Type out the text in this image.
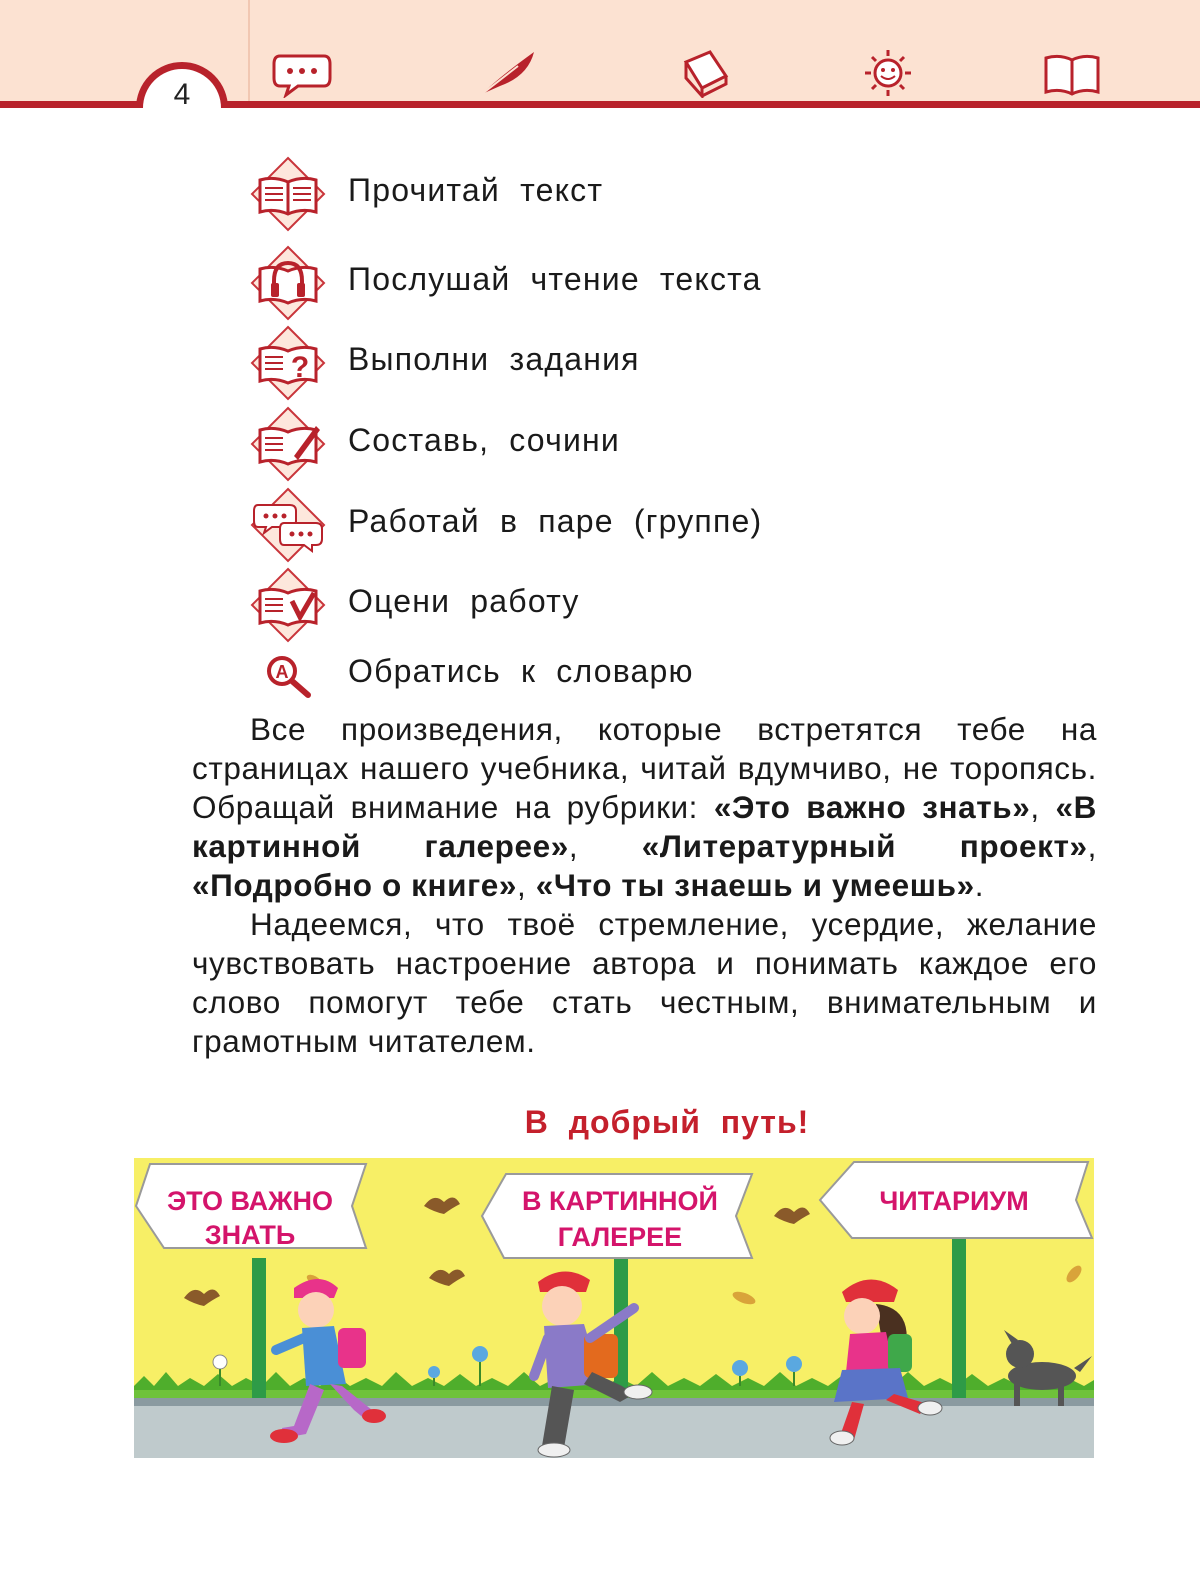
4
Прочитай текст
Послушай чтение текста
? Выполни задания
Составь, сочини
Работай в паре (группе)
Оцени работу
A Обратись к словарю

Все произведения, которые встретятся тебе на страницах нашего учебника, читай вдумчиво, не торопясь. Обращай внимание на рубрики: «Это важно знать», «В картинной галерее», «Литературный проект», «Подробно о книге», «Что ты знаешь и умеешь».

Надеемся, что твоё стремление, усердие, желание чувствовать настроение автора и понимать каждое его слово помогут тебе стать честным, внимательным и грамотным читателем.

В добрый путь!
ЭТО ВАЖНО
ЗНАТЬ
В КАРТИННОЙ
ГАЛЕРЕЕ
ЧИТАРИУМ
